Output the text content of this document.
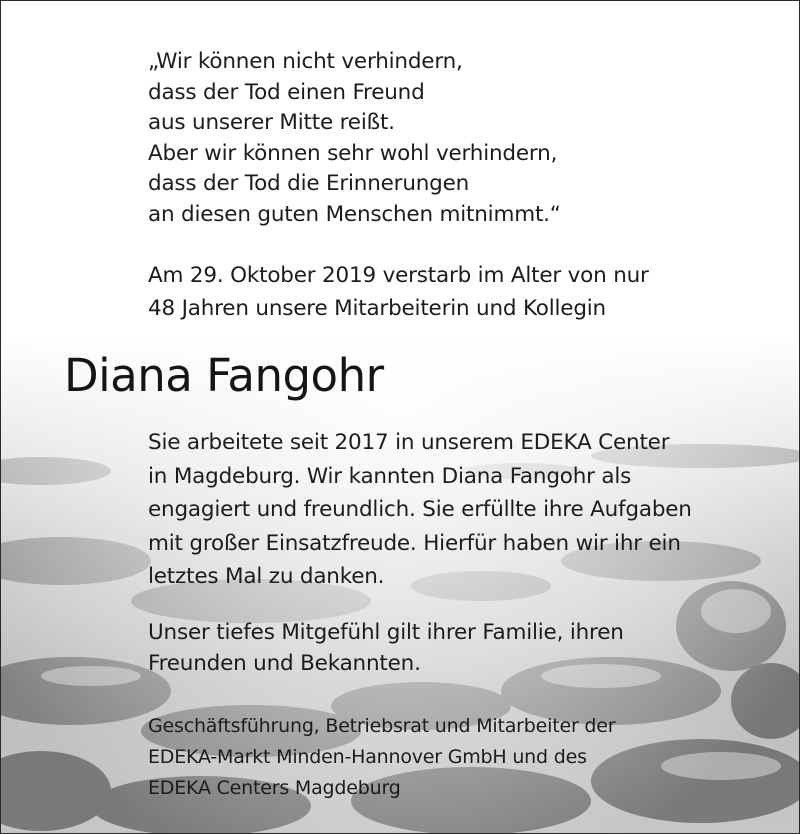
„Wir können nicht verhindern,
dass der Tod einen Freund
aus unserer Mitte reißt.
Aber wir können sehr wohl verhindern,
dass der Tod die Erinnerungen
an diesen guten Menschen mitnimmt.“

Am 29. Oktober 2019 verstarb im Alter von nur
48 Jahren unsere Mitarbeiterin und Kollegin

Diana Fangohr

Sie arbeitete seit 2017 in unserem EDEKA Center
in Magdeburg. Wir kannten Diana Fangohr als
engagiert und freundlich. Sie erfüllte ihre Aufgaben
mit großer Einsatzfreude. Hierfür haben wir ihr ein
letztes Mal zu danken.

Unser tiefes Mitgefühl gilt ihrer Familie, ihren
Freunden und Bekannten.

Geschäftsführung, Betriebsrat und Mitarbeiter der
EDEKA-Markt Minden-Hannover GmbH und des
EDEKA Centers Magdeburg
